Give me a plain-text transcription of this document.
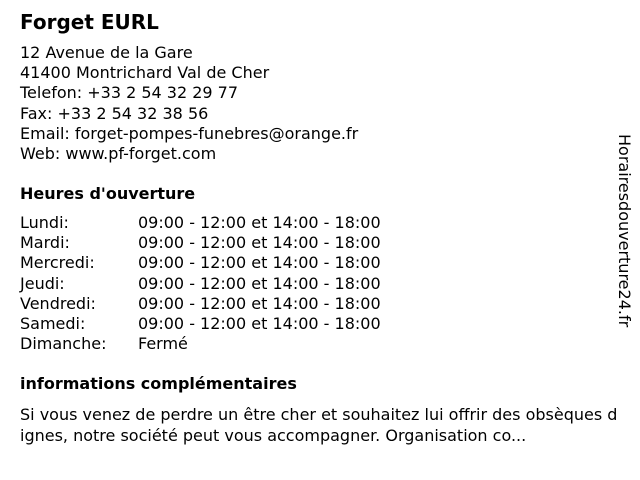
Forget EURL
12 Avenue de la Gare
41400 Montrichard Val de Cher
Telefon: +33 2 54 32 29 77
Fax: +33 2 54 32 38 56
Email: forget-pompes-funebres@orange.fr
Web: www.pf-forget.com
Heures d'ouverture
Lundi:	09:00 - 12:00 et 14:00 - 18:00
Mardi:	09:00 - 12:00 et 14:00 - 18:00
Mercredi:	09:00 - 12:00 et 14:00 - 18:00
Jeudi:	09:00 - 12:00 et 14:00 - 18:00
Vendredi:	09:00 - 12:00 et 14:00 - 18:00
Samedi:	09:00 - 12:00 et 14:00 - 18:00
Dimanche: Fermé
informations complémentaires
Si vous venez de perdre un être cher et souhaitez lui offrir des obsèques dignes, notre société peut vous accompagner. Organisation co...
Horairesdouverture24.fr
